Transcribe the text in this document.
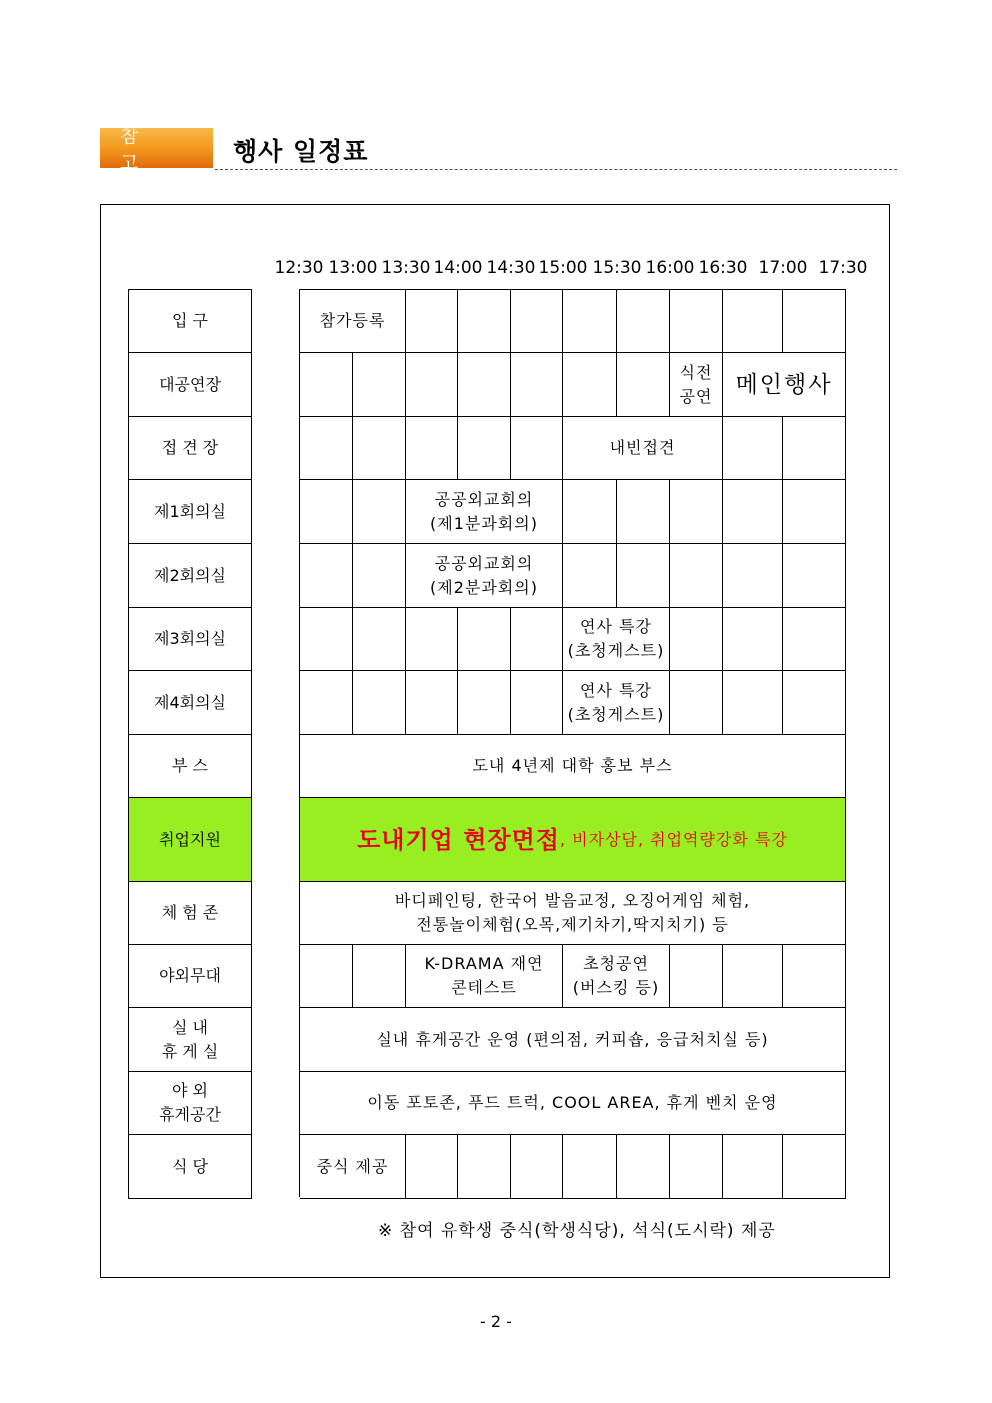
참 고	행사 일정표
12:30 13:00 13:30 14:00 14:30 15:00 15:30 16:00 16:30 17:00 17:30
입 구
대공연장
접 견 장
제1회의실
제2회의실
제3회의실
제4회의실
부 스
취업지원
체 험 존
야외무대
실 내
휴 게 실
야 외
휴게공간
식 당
참가등록
식전
공연	메인행사
내빈접견
공공외교회의
(제1분과회의)
공공외교회의
(제2분과회의)
연사 특강
(초청게스트)
연사 특강
(초청게스트)
도내 4년제 대학 홍보 부스
도내기업 현장면접 , 비자상담, 취업역량강화 특강
바디페인팅, 한국어 발음교정, 오징어게임 체험,
전통놀이체험(오목,제기차기,딱지치기) 등
K-DRAMA 재연
콘테스트
초청공연
(버스킹 등)
실내 휴게공간 운영 (편의점, 커피숍, 응급처치실 등)
이동 포토존, 푸드 트럭, COOL AREA, 휴게 벤치 운영
중식 제공
※ 참여 유학생 중식(학생식당), 석식(도시락) 제공
- 2 -
